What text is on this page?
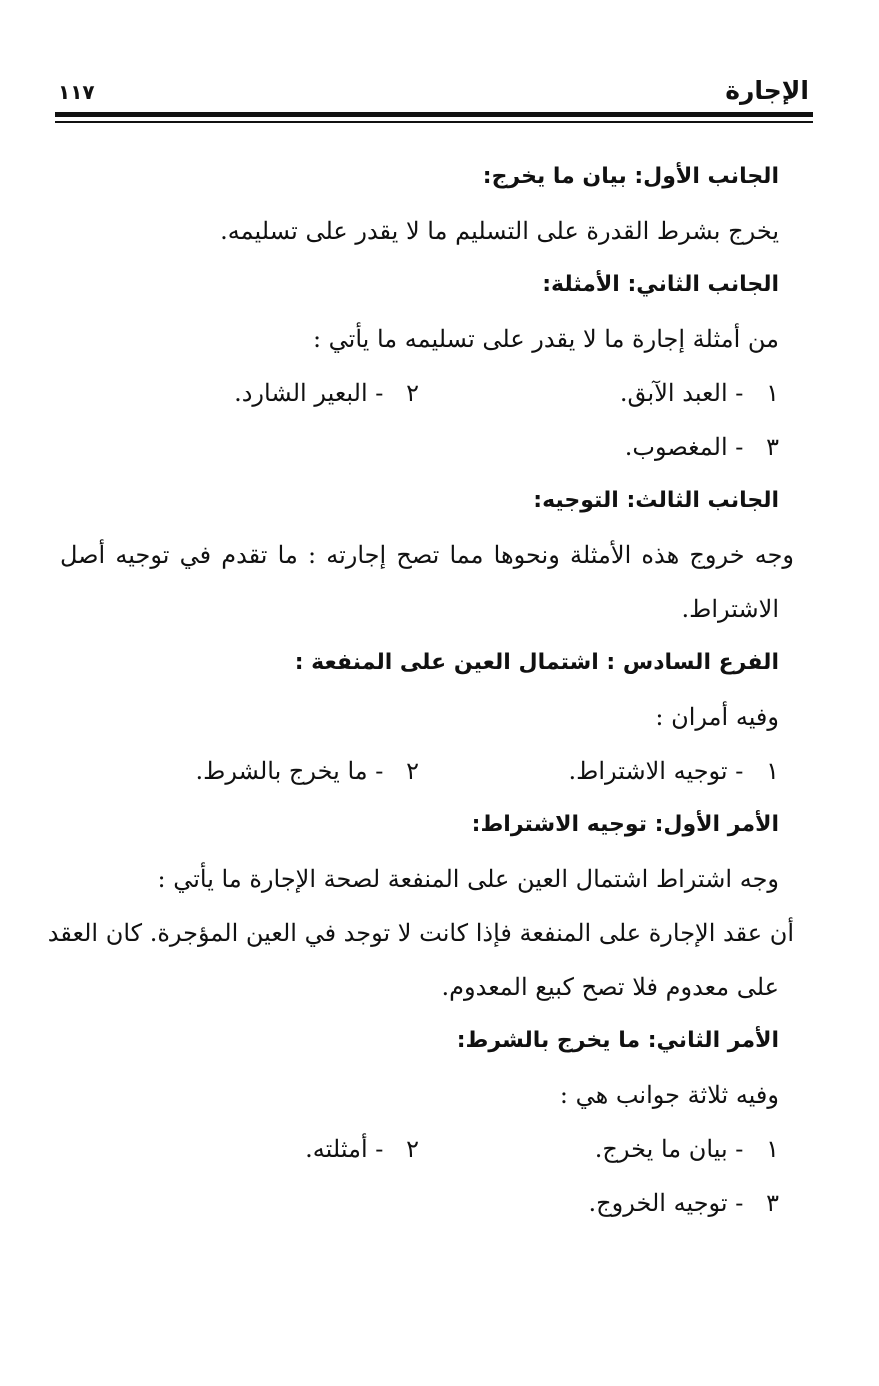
الإجارة
١١٧
الجانب الأول: بيان ما يخرج:
يخرج بشرط القدرة على التسليم ما لا يقدر على تسليمه.
الجانب الثاني: الأمثلة:
من أمثلة إجارة ما لا يقدر على تسليمه ما يأتي :
١ - العبد الآبق.
٢ - البعير الشارد.
٣ - المغصوب.
الجانب الثالث: التوجيه:
وجه خروج هذه الأمثلة ونحوها مما تصح إجارته : ما تقدم في توجيه أصل
الاشتراط.
الفرع السادس : اشتمال العين على المنفعة :
وفيه أمران :
١ - توجيه الاشتراط.
٢ - ما يخرج بالشرط.
الأمر الأول: توجيه الاشتراط:
وجه اشتراط اشتمال العين على المنفعة لصحة الإجارة ما يأتي :
أن عقد الإجارة على المنفعة فإذا كانت لا توجد في العين المؤجرة. كان العقد
على معدوم فلا تصح كبيع المعدوم.
الأمر الثاني: ما يخرج بالشرط:
وفيه ثلاثة جوانب هي :
١ - بيان ما يخرج.
٢ - أمثلته.
٣ - توجيه الخروج.
